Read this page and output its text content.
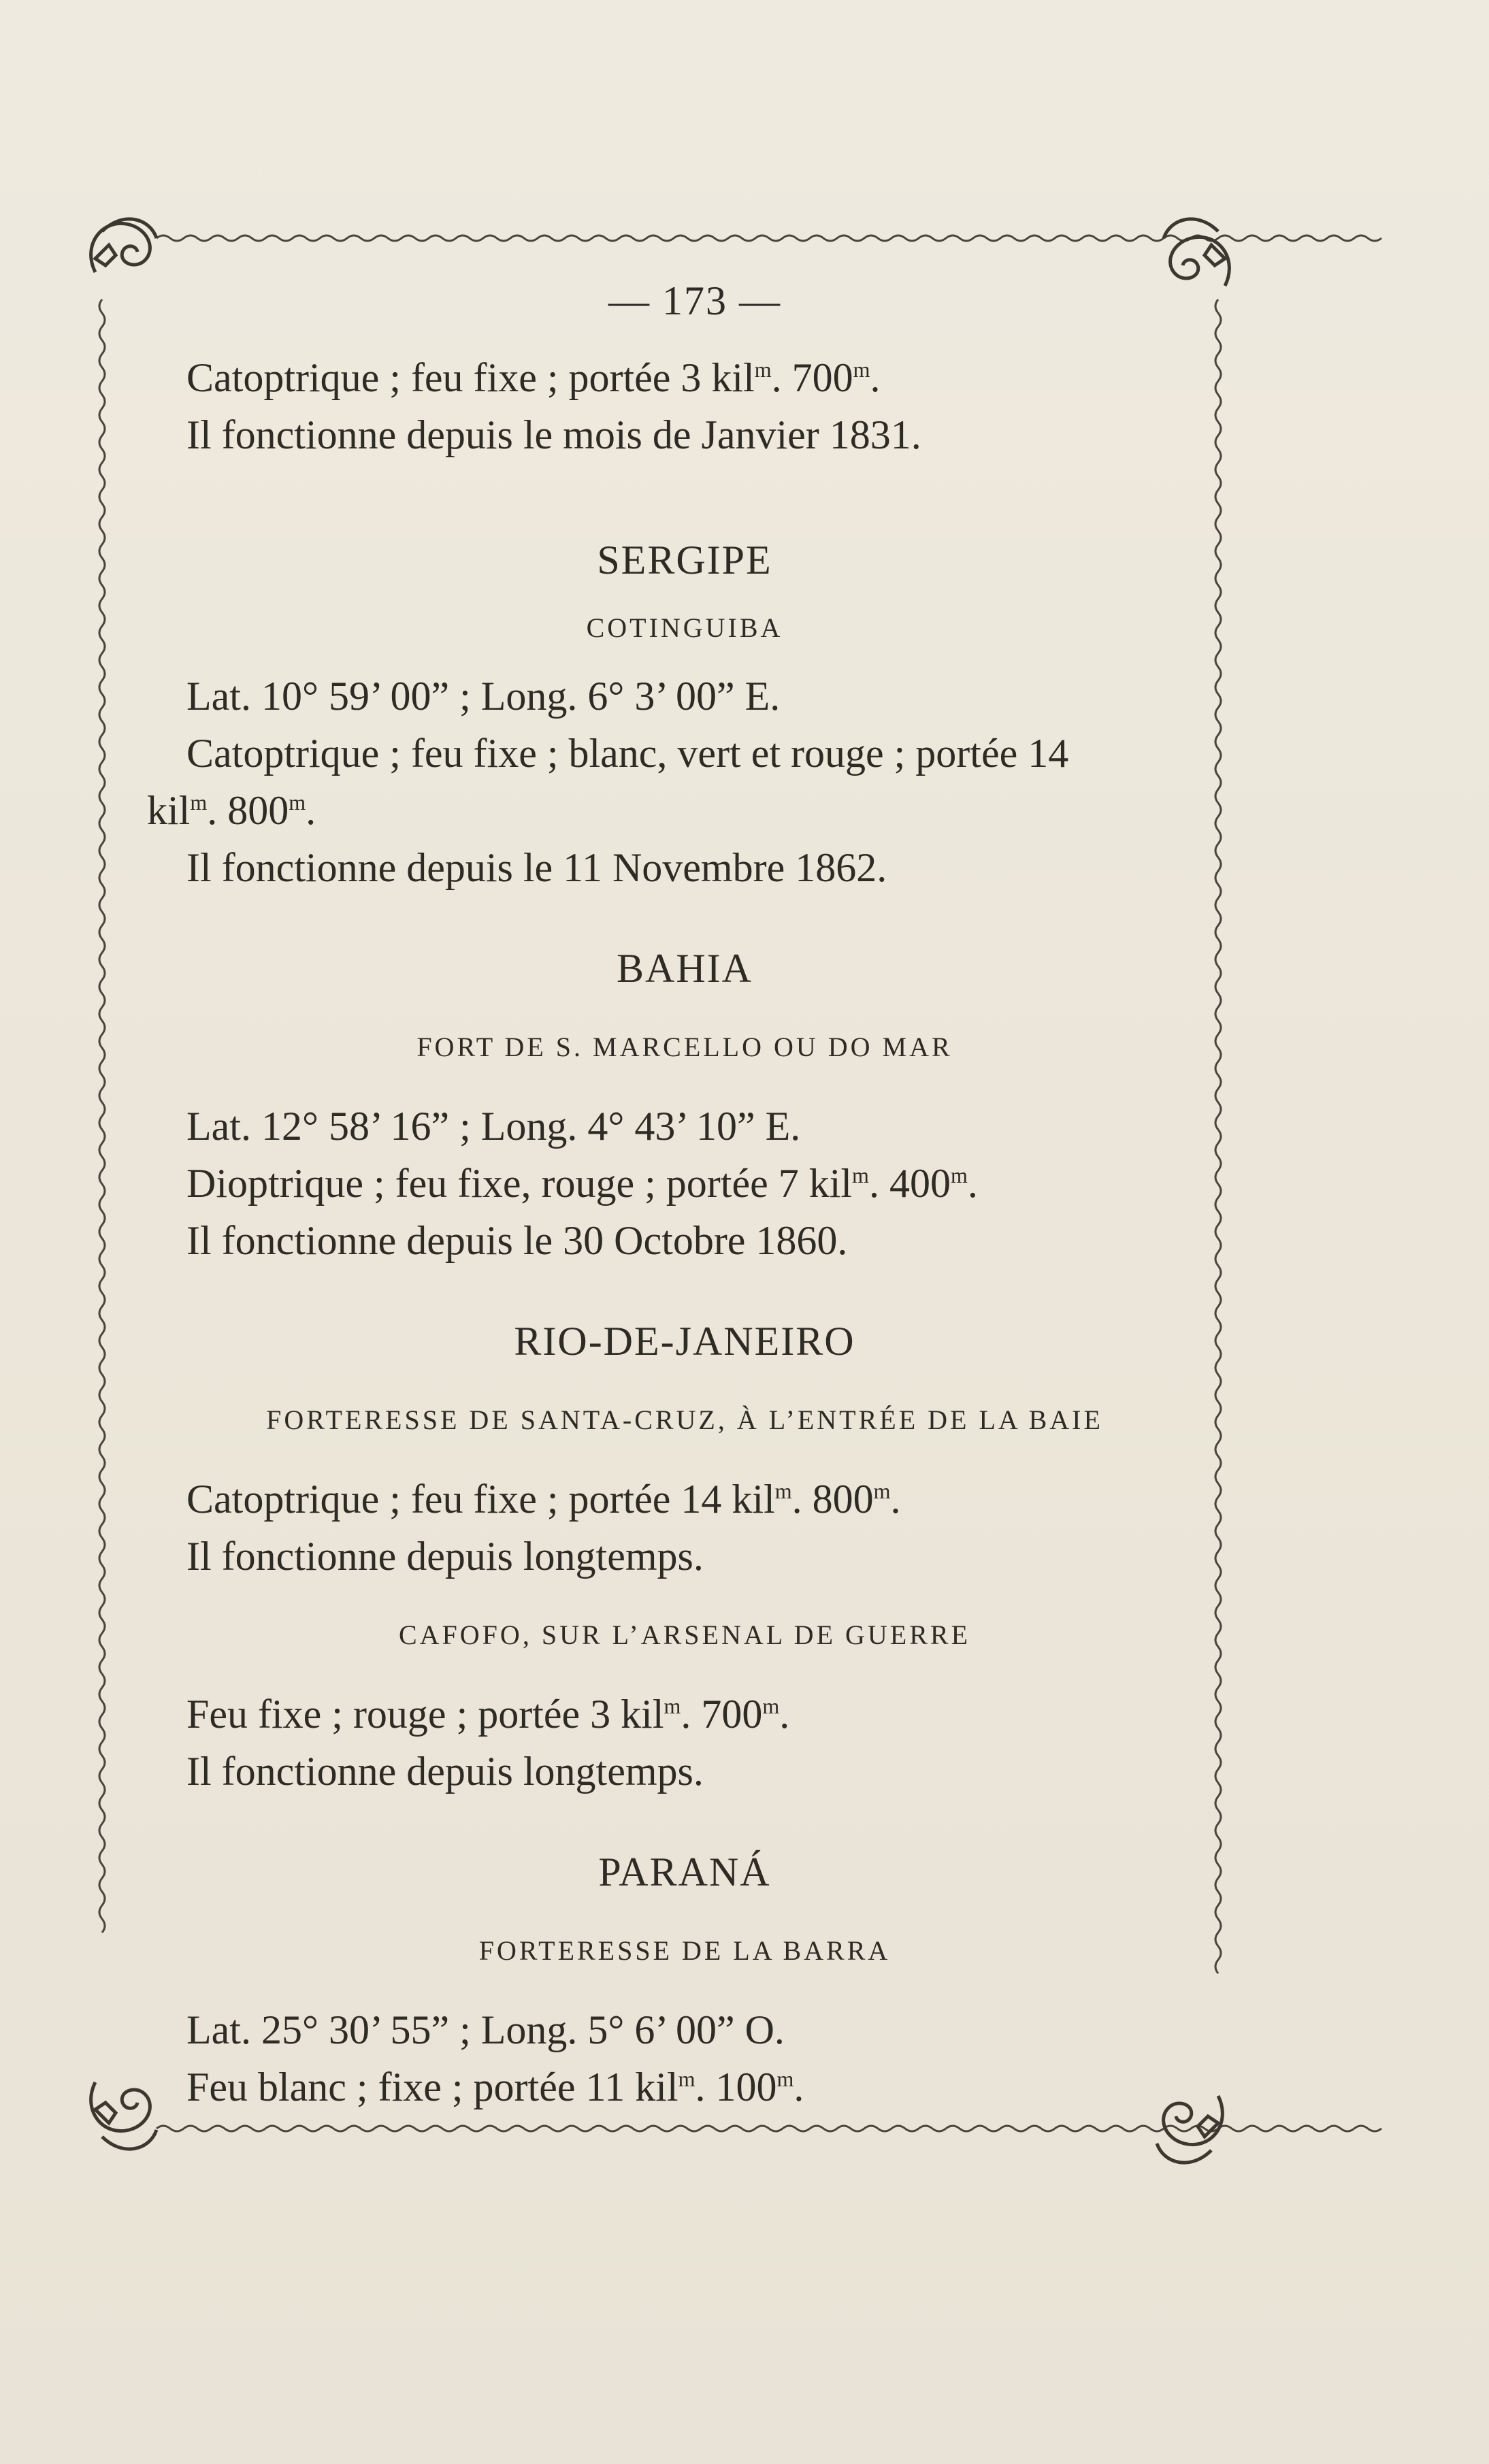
— 173 —

Catoptrique ; feu fixe ; portée 3 kil$^m$. 700$^m$.

Il fonctionne depuis le mois de Janvier 1831.

SERGIPE

COTINGUIBA

Lat. 10° 59’ 00” ; Long. 6° 3’ 00” E.

Catoptrique ; feu fixe ; blanc, vert et rouge ; portée 14

kil$^m$. 800$^m$.

Il fonctionne depuis le 11 Novembre 1862.

BAHIA

FORT DE S. MARCELLO OU DO MAR

Lat. 12° 58’ 16” ; Long. 4° 43’ 10” E.

Dioptrique ; feu fixe, rouge ; portée 7 kil$^m$. 400$^m$.

Il fonctionne depuis le 30 Octobre 1860.

RIO-DE-JANEIRO

FORTERESSE DE SANTA-CRUZ, À L’ENTRÉE DE LA BAIE

Catoptrique ; feu fixe ; portée 14 kil$^m$. 800$^m$.

Il fonctionne depuis longtemps.

CAFOFO, SUR L’ARSENAL DE GUERRE

Feu fixe ; rouge ; portée 3 kil$^m$. 700$^m$.

Il fonctionne depuis longtemps.

PARANÁ

FORTERESSE DE LA BARRA

Lat. 25° 30’ 55” ; Long. 5° 6’ 00” O.

Feu blanc ; fixe ; portée 11 kil$^m$. 100$^m$.
